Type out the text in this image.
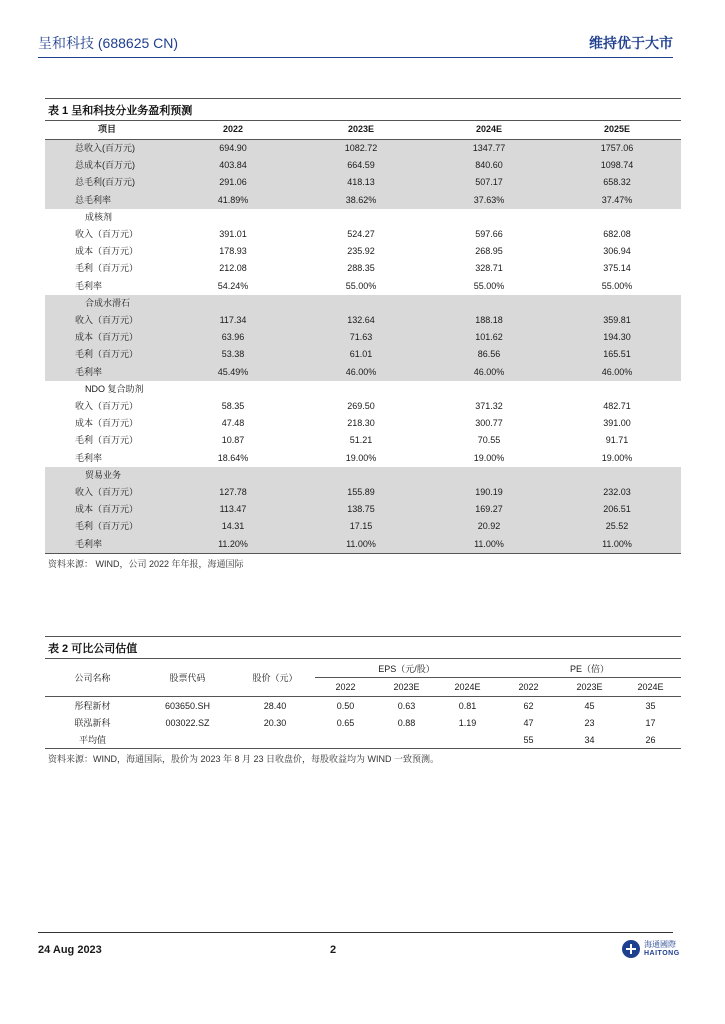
呈和科技 (688625 CN)	维持优于大市
表 1 呈和科技分业务盈利预测
项目	2022	2023E	2024E	2025E
总收入(百万元)	694.90	1082.72	1347.77	1757.06
总成本(百万元)	403.84	664.59	840.60	1098.74
总毛利(百万元)	291.06	418.13	507.17	658.32
总毛利率	41.89%	38.62%	37.63%	37.47%
成核剂				
收入（百万元）	391.01	524.27	597.66	682.08
成本（百万元）	178.93	235.92	268.95	306.94
毛利（百万元）	212.08	288.35	328.71	375.14
毛利率	54.24%	55.00%	55.00%	55.00%
合成水滑石				
收入（百万元）	117.34	132.64	188.18	359.81
成本（百万元）	63.96	71.63	101.62	194.30
毛利（百万元）	53.38	61.01	86.56	165.51
毛利率	45.49%	46.00%	46.00%	46.00%
NDO 复合助剂				
收入（百万元）	58.35	269.50	371.32	482.71
成本（百万元）	47.48	218.30	300.77	391.00
毛利（百万元）	10.87	51.21	70.55	91.71
毛利率	18.64%	19.00%	19.00%	19.00%
贸易业务				
收入（百万元）	127.78	155.89	190.19	232.03
成本（百万元）	113.47	138.75	169.27	206.51
毛利（百万元）	14.31	17.15	20.92	25.52
毛利率	11.20%	11.00%	11.00%	11.00%
资料来源： WIND，公司 2022 年年报，海通国际
表 2 可比公司估值
公司名称	股票代码	股价（元）	EPS（元/股）			PE（倍）		
			2022	2023E	2024E	2022	2023E	2024E
彤程新材	603650.SH	28.40	0.50	0.63	0.81	62	45	35
联泓新科	003022.SZ	20.30	0.65	0.88	1.19	47	23	17
平均值						55	34	26
资料来源：WIND，海通国际，股价为 2023 年 8 月 23 日收盘价，每股收益均为 WIND 一致预测。
24 Aug 2023	2	海通國際
HAITONG
